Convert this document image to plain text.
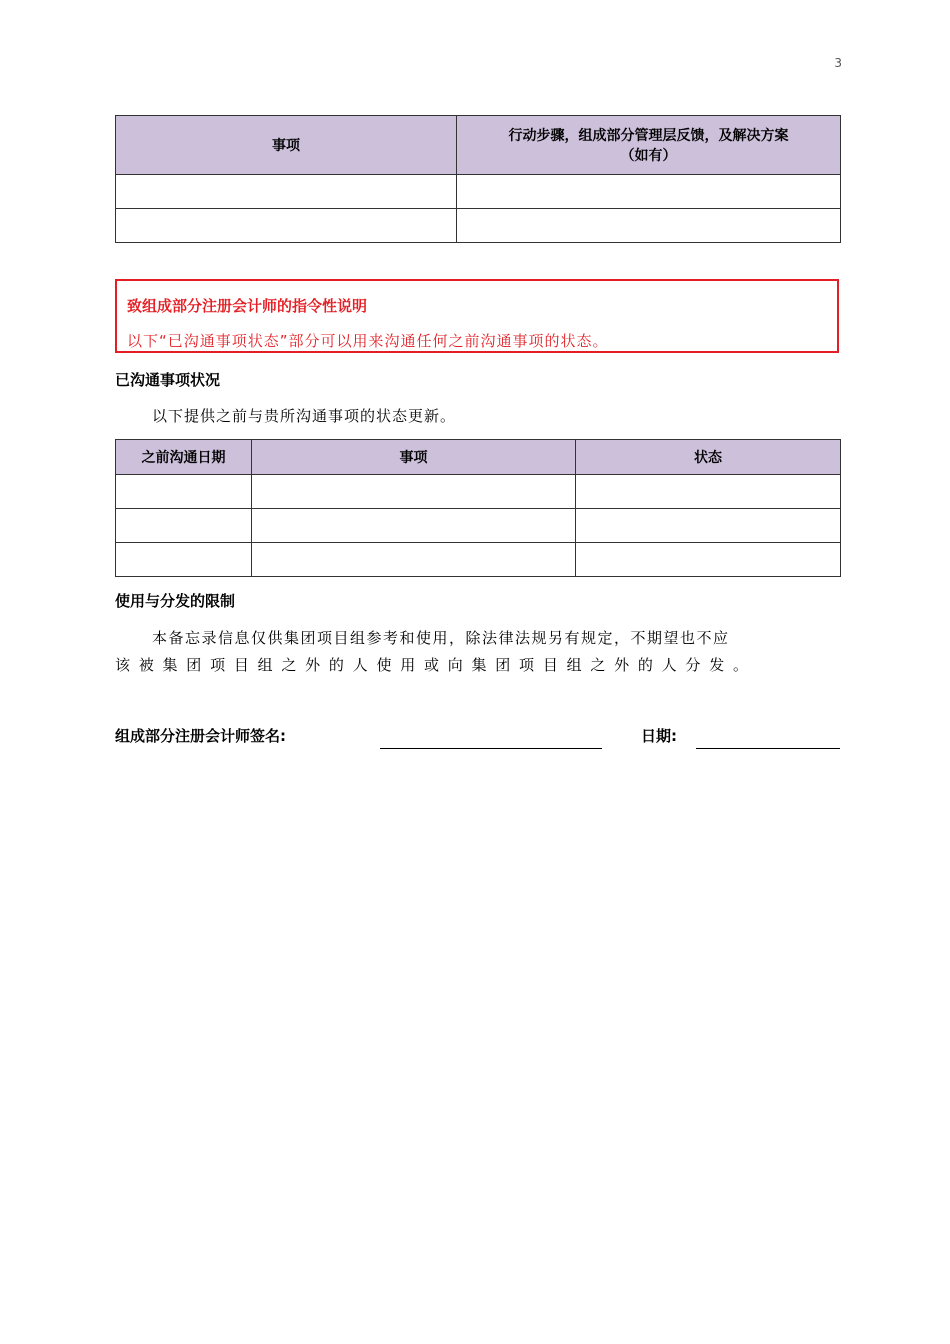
3
事项	行动步骤，组成部分管理层反馈，及解决方案
（如有）

致组成部分注册会计师的指令性说明
以下“已沟通事项状态”部分可以用来沟通任何之前沟通事项的状态。
已沟通事项状况
以下提供之前与贵所沟通事项的状态更新。
之前沟通日期	事项	状态

使用与分发的限制
本备忘录信息仅供集团项目组参考和使用，除法律法规另有规定，不期望也不应
该 被 集 团 项 目 组 之 外 的 人 使 用 或 向 集 团 项 目 组 之 外 的 人 分 发 。
组成部分注册会计师签名:	日期:
